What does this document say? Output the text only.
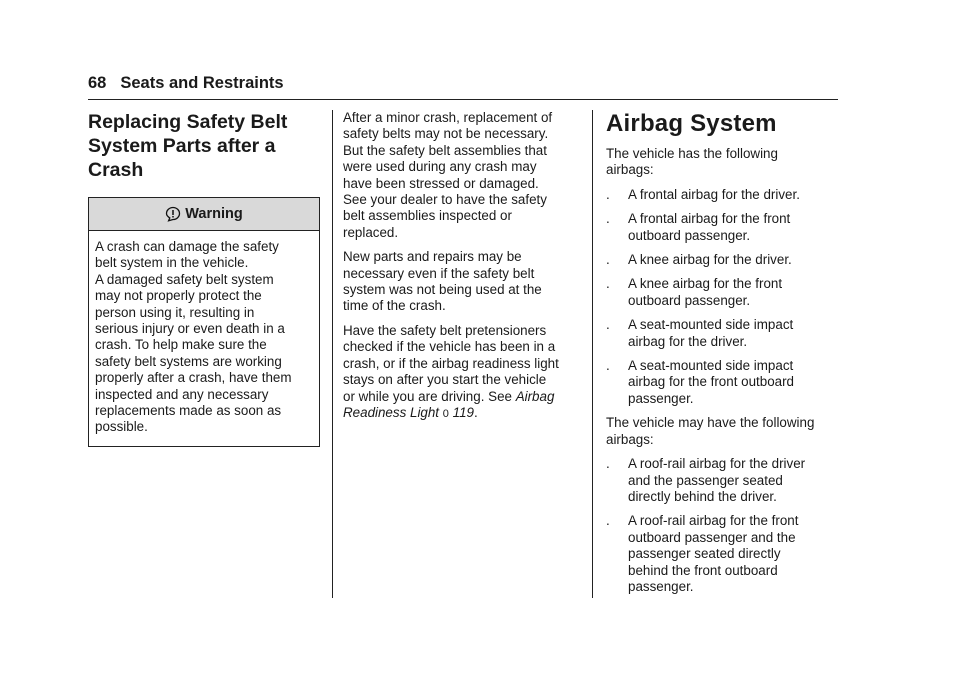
68 Seats and Restraints
Replacing Safety Belt
System Parts after a
Crash
Warning

A crash can damage the safety

belt system in the vehicle.

A damaged safety belt system

may not properly protect the

person using it, resulting in

serious injury or even death in a

crash. To help make sure the

safety belt systems are working

properly after a crash, have them

inspected and any necessary

replacements made as soon as

possible.

After a minor crash, replacement of
safety belts may not be necessary.
But the safety belt assemblies that
were used during any crash may
have been stressed or damaged.
See your dealer to have the safety
belt assemblies inspected or
replaced.

New parts and repairs may be
necessary even if the safety belt
system was not being used at the
time of the crash.

Have the safety belt pretensioners
checked if the vehicle has been in a
crash, or if the airbag readiness light
stays on after you start the vehicle
or while you are driving. See Airbag
Readiness Light 0 119.

Airbag System

The vehicle has the following
airbags:

.	A frontal airbag for the driver.
.	A frontal airbag for the front
outboard passenger.
.	A knee airbag for the driver.
.	A knee airbag for the front
outboard passenger.
.	A seat-mounted side impact
airbag for the driver.
.	A seat-mounted side impact
airbag for the front outboard
passenger.

The vehicle may have the following
airbags:

.	A roof-rail airbag for the driver
and the passenger seated
directly behind the driver.
.	A roof-rail airbag for the front
outboard passenger and the
passenger seated directly
behind the front outboard
passenger.
